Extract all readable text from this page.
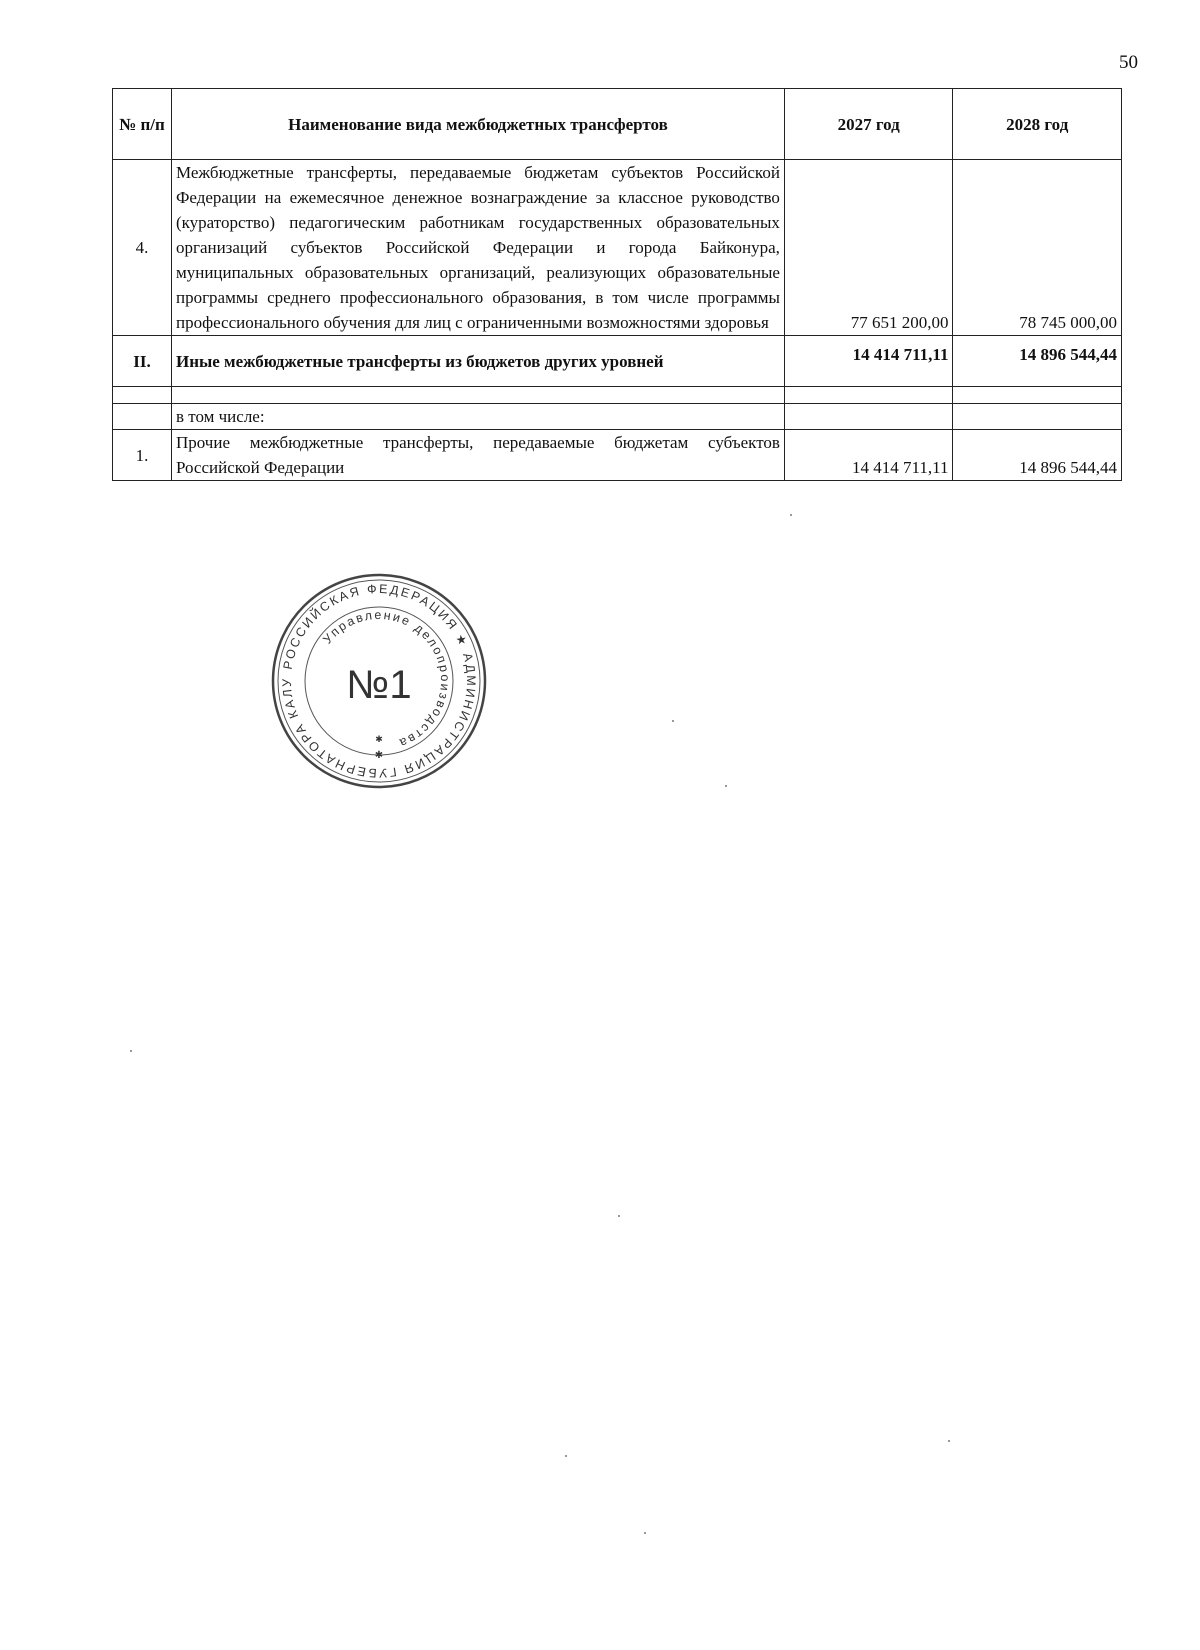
50
№ п/п	Наименование вида межбюджетных трансфертов	2027 год	2028 год
4.	Межбюджетные трансферты, передаваемые бюджетам субъектов Российской Федерации на ежемесячное денежное вознаграждение за классное руководство (кураторство) педагогическим работникам государственных образовательных организаций субъектов Российской Федерации и города Байконура, муниципальных образовательных организаций, реализующих образовательные программы среднего профессионального образования, в том числе программы профессионального обучения для лиц с ограниченными возможностями здоровья	77 651 200,00	78 745 000,00
II.	Иные межбюджетные трансферты из бюджетов других уровней	14 414 711,11	14 896 544,44

	в том числе:		
1.	Прочие межбюджетные трансферты, передаваемые бюджетам субъектов Российской Федерации	14 414 711,11	14 896 544,44
РОССИЙСКАЯ ФЕДЕРАЦИЯ ★ АДМИНИСТРАЦИЯ ГУБЕРНАТОРА КАЛУ
Управление делопроизводства
№1
✱
✱
